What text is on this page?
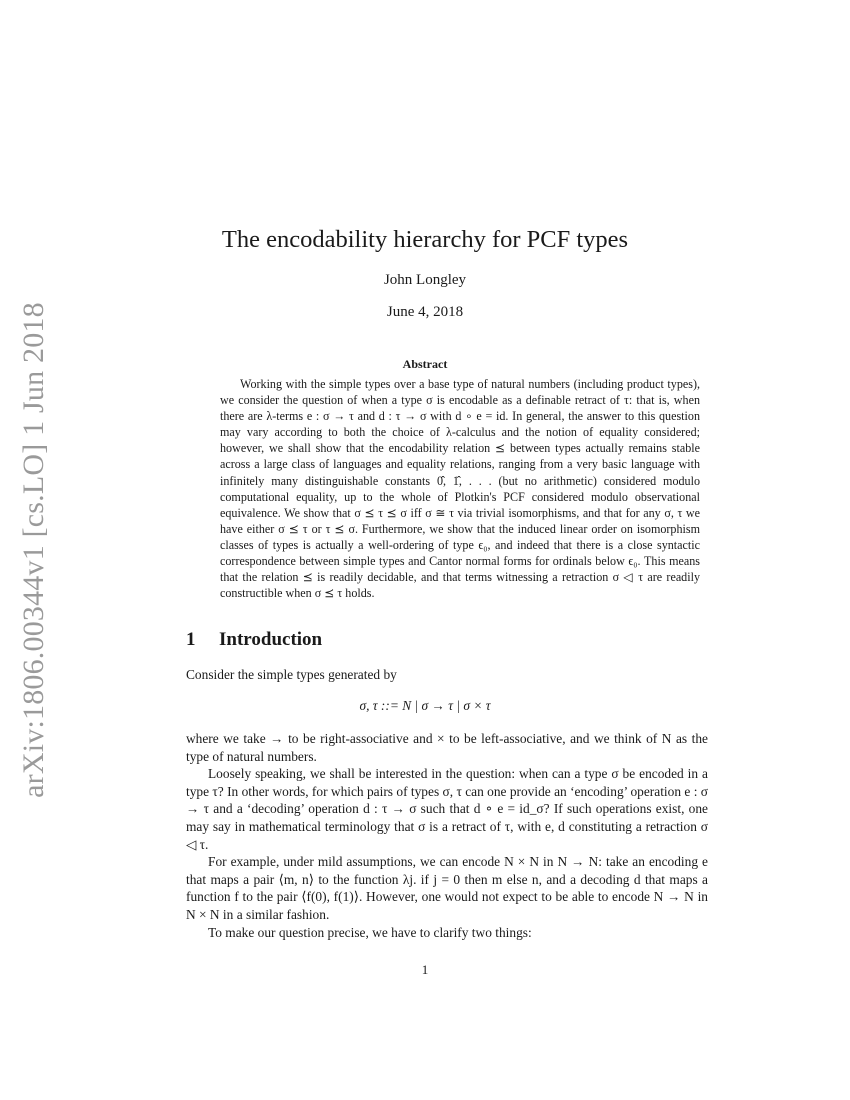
arXiv:1806.00344v1 [cs.LO] 1 Jun 2018
The encodability hierarchy for PCF types
John Longley
June 4, 2018
Abstract

Working with the simple types over a base type of natural numbers (including product types), we consider the question of when a type σ is encodable as a definable retract of τ: that is, when there are λ-terms e : σ → τ and d : τ → σ with d ∘ e = id. In general, the answer to this question may vary according to both the choice of λ-calculus and the notion of equality considered; however, we shall show that the encodability relation ⪯ between types actually remains stable across a large class of languages and equality relations, ranging from a very basic language with infinitely many distinguishable constants 0̂, 1̂, . . . (but no arithmetic) considered modulo computational equality, up to the whole of Plotkin's PCF considered modulo observational equivalence. We show that σ ⪯ τ ⪯ σ iff σ ≅ τ via trivial isomorphisms, and that for any σ, τ we have either σ ⪯ τ or τ ⪯ σ. Furthermore, we show that the induced linear order on isomorphism classes of types is actually a well-ordering of type ϵ₀, and indeed that there is a close syntactic correspondence between simple types and Cantor normal forms for ordinals below ϵ₀. This means that the relation ⪯ is readily decidable, and that terms witnessing a retraction σ ◁ τ are readily constructible when σ ⪯ τ holds.

1 Introduction

Consider the simple types generated by

σ, τ ::= N | σ → τ | σ × τ

where we take → to be right-associative and × to be left-associative, and we think of N as the type of natural numbers.

Loosely speaking, we shall be interested in the question: when can a type σ be encoded in a type τ? In other words, for which pairs of types σ, τ can one provide an ‘encoding’ operation e : σ → τ and a ‘decoding’ operation d : τ → σ such that d ∘ e = id_σ? If such operations exist, one may say in mathematical terminology that σ is a retract of τ, with e, d constituting a retraction σ ◁ τ.

For example, under mild assumptions, we can encode N × N in N → N: take an encoding e that maps a pair ⟨m, n⟩ to the function λj. if j = 0 then m else n, and a decoding d that maps a function f to the pair ⟨f(0), f(1)⟩. However, one would not expect to be able to encode N → N in N × N in a similar fashion.

To make our question precise, we have to clarify two things:

1
